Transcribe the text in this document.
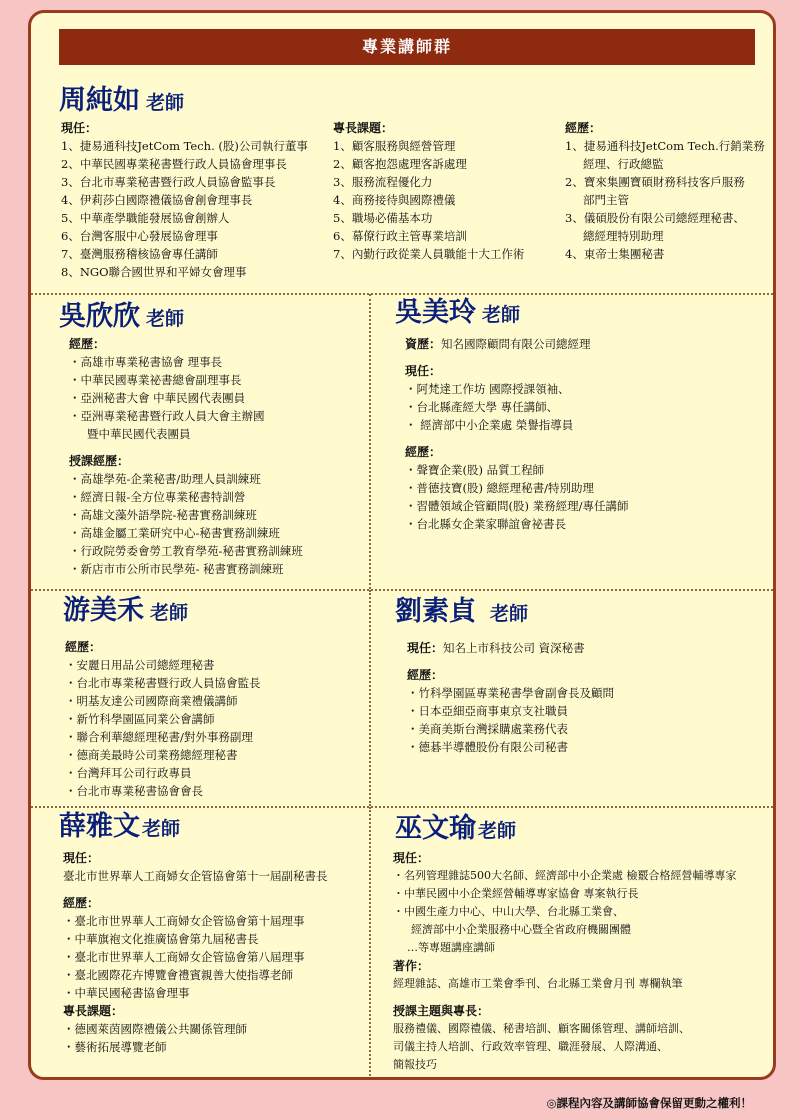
專業講師群
周純如 老師
現任：
1、捷易通科技JetCom Tech. (股)公司執行董事
2、中華民國專業秘書暨行政人員協會理事長
3、台北市專業秘書暨行政人員協會監事長
4、伊莉莎白國際禮儀協會創會理事長
5、中華產學職能發展協會創辦人
6、台灣客服中心發展協會理事
7、臺灣服務稽核協會專任講師
8、NGO聯合國世界和平婦女會理事
專長課題：
1、顧客服務與經營管理
2、顧客抱怨處理客訴處理
3、服務流程優化力
4、商務接待與國際禮儀
5、職場必備基本功
6、幕僚行政主管專業培訓
7、內勤行政從業人員職能十大工作術
經歷：
1、捷易通科技JetCom Tech.行銷業務
經理、行政總監
2、寶來集團寶碩財務科技客戶服務
部門主管
3、儀碩股份有限公司總經理秘書、
總經理特別助理
4、東帝士集團秘書
吳欣欣 老師
經歷：
・高雄市專業秘書協會 理事長
・中華民國專業祕書總會副理事長
・亞洲秘書大會 中華民國代表團員
・亞洲專業秘書暨行政人員大會主辦國
暨中華民國代表團員
授課經歷：
・高雄學苑-企業秘書/助理人員訓練班
・經濟日報-全方位專業秘書特訓營
・高雄文藻外語學院-秘書實務訓練班
・高雄金屬工業研究中心-秘書實務訓練班
・行政院勞委會勞工教育學苑-秘書實務訓練班
・新店市市公所市民學苑- 秘書實務訓練班
吳美玲 老師
資歷：知名國際顧問有限公司總經理
現任：
・阿梵達工作坊 國際授課領袖、
・台北縣產經大學 專任講師、
・ 經濟部中小企業處 榮譽指導員
經歷：
・聲寶企業(股) 品質工程師
・普德技寶(股) 總經理秘書/特別助理
・習體領域企管顧問(股) 業務經理/專任講師
・台北縣女企業家聯誼會祕書長
游美禾 老師
經歷：
・安麗日用品公司總經理秘書
・台北市專業秘書暨行政人員協會監長
・明基友達公司國際商業禮儀講師
・新竹科學園區同業公會講師
・聯合利華總經理秘書/對外事務副理
・德商美最時公司業務總經理秘書
・台灣拜耳公司行政專員
・台北市專業秘書協會會長
劉素貞 老師
現任：知名上市科技公司 資深秘書
經歷：
・竹科學園區專業秘書學會副會長及顧問
・日本亞細亞商事東京支社職員
・美商美斯台灣採購處業務代表
・德碁半導體股份有限公司秘書
薛雅文 老師
現任：
臺北市世界華人工商婦女企管協會第十一屆副秘書長
經歷：
・臺北市世界華人工商婦女企管協會第十屆理事
・中華旗袍文化推廣協會第九屆秘書長
・臺北市世界華人工商婦女企管協會第八屆理事
・臺北國際花卉博覽會禮賓親善大使指導老師
・中華民國秘書協會理事
專長課題：
・德國萊茵國際禮儀公共關係管理師
・藝術拓展導覽老師
巫文瑜 老師
現任：
・名列管理雜誌500大名師、經濟部中小企業處 檢覈合格經營輔導專家
・中華民國中小企業經營輔導專家協會 專案執行長
・中國生產力中心、中山大學、台北縣工業會、
經濟部中小企業服務中心暨全省政府機關團體
…等專題講座講師
著作：
經理雜誌、高雄市工業會季刊、台北縣工業會月刊 專欄執筆
授課主題與專長：
服務禮儀、國際禮儀、秘書培訓、顧客關係管理、講師培訓、
司儀主持人培訓、行政效率管理、職涯發展、人際溝通、
簡報技巧
◎課程內容及講師協會保留更動之權利！
